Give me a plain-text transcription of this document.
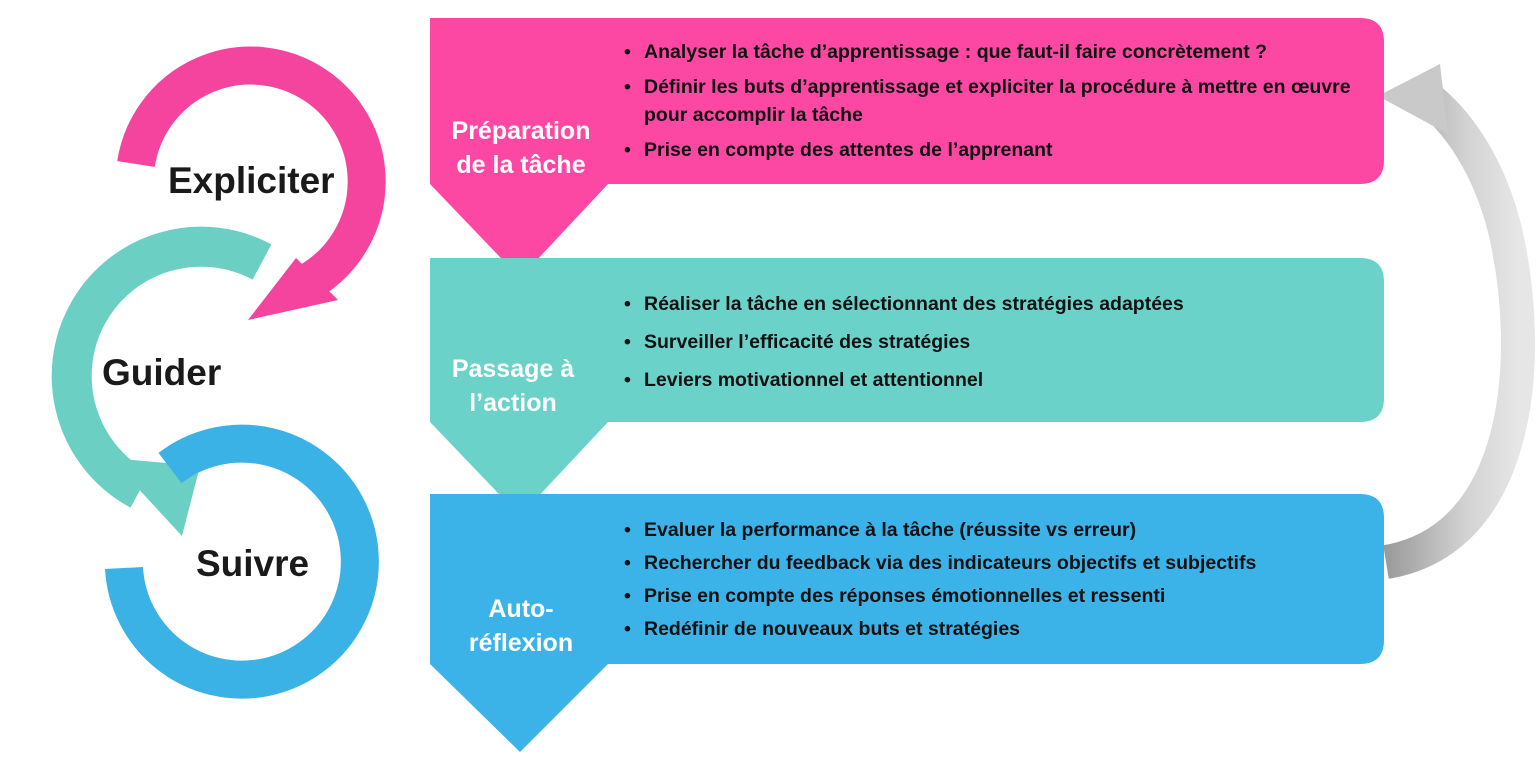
Expliciter
Guider
Suivre
Préparation
de la tâche
Passage à
l’action
Auto-
réflexion
• Analyser la tâche d’apprentissage : que faut-il faire concrètement ?
• Définir les buts d’apprentissage et expliciter la procédure à mettre en œuvre pour accomplir la tâche
• Prise en compte des attentes de l’apprenant
• Réaliser la tâche en sélectionnant des stratégies adaptées
• Surveiller l’efficacité des stratégies
• Leviers motivationnel et attentionnel
• Evaluer la performance à la tâche (réussite vs erreur)
• Rechercher du feedback via des indicateurs objectifs et subjectifs
• Prise en compte des réponses émotionnelles et ressenti
• Redéfinir de nouveaux buts et stratégies
